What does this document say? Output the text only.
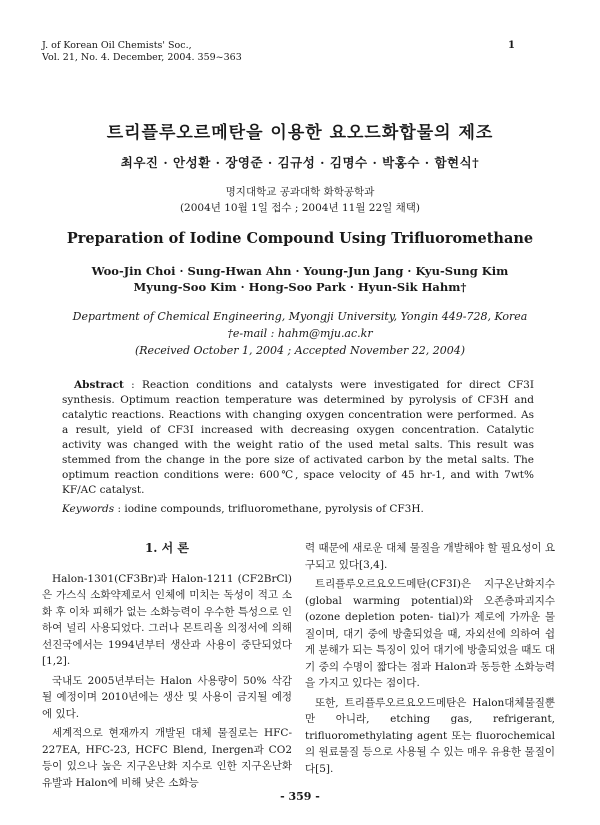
J. of Korean Oil Chemists' Soc.,
Vol. 21, No. 4. December, 2004. 359~363
1
트리플루오르메탄을 이용한 요오드화합물의 제조
최우진 · 안성환 · 장영준 · 김규성 · 김명수 · 박홍수 · 함현식†
명지대학교 공과대학 화학공학과
(2004년 10월 1일 접수 ; 2004년 11월 22일 채택)
Preparation of Iodine Compound Using Trifluoromethane
Woo-Jin Choi · Sung-Hwan Ahn · Young-Jun Jang · Kyu-Sung Kim
Myung-Soo Kim · Hong-Soo Park · Hyun-Sik Hahm†
Department of Chemical Engineering, Myongji University, Yongin 449-728, Korea
†e-mail : hahm@mju.ac.kr
(Received October 1, 2004 ; Accepted November 22, 2004)
Abstract : Reaction conditions and catalysts were investigated for direct CF3I synthesis. Optimum reaction temperature was determined by pyrolysis of CF3H and catalytic reactions. Reactions with changing oxygen concentration were performed. As a result, yield of CF3I increased with decreasing oxygen concentration. Catalytic activity was changed with the weight ratio of the used metal salts. This result was stemmed from the change in the pore size of activated carbon by the metal salts. The optimum reaction conditions were: 600℃, space velocity of 45 hr-1, and with 7wt% KF/AC catalyst.
Keywords : iodine compounds, trifluoromethane, pyrolysis of CF3H.
1. 서 론

Halon-1301(CF3Br)과 Halon-1211 (CF2BrCl)은 가스식 소화약제로서 인체에 미치는 독성이 적고 소화 후 이차 피해가 없는 소화능력이 우수한 특성으로 인하여 널리 사용되었다. 그러나 몬트리올 의정서에 의해 선진국에서는 1994년부터 생산과 사용이 중단되었다[1,2].

국내도 2005년부터는 Halon 사용량이 50% 삭감될 예정이며 2010년에는 생산 및 사용이 금지될 예정에 있다.

세계적으로 현재까지 개발된 대체 물질로는 HFC-227EA, HFC-23, HCFC Blend, Inergen과 CO2 등이 있으나 높은 지구온난화 지수로 인한 지구온난화 유발과 Halon에 비해 낮은 소화능

력 때문에 새로운 대체 물질을 개발해야 할 필요성이 요구되고 있다[3,4].

트리플루오르요오드메탄(CF3I)은 지구온난화지수(global warming potential)와 오존층파괴지수(ozone depletion poten- tial)가 제로에 가까운 물질이며, 대기 중에 방출되었을 때, 자외선에 의하여 쉽게 분해가 되는 특징이 있어 대기에 방출되었을 때도 대기 중의 수명이 짧다는 점과 Halon과 동등한 소화능력을 가지고 있다는 점이다.

또한, 트리플루오르요오드메탄은 Halon대체물질뿐만 아니라, etching gas, refrigerant, trifluoromethylating agent 또는 fluorochemical의 원료물질 등으로 사용될 수 있는 매우 유용한 물질이다[5].

- 359 -
